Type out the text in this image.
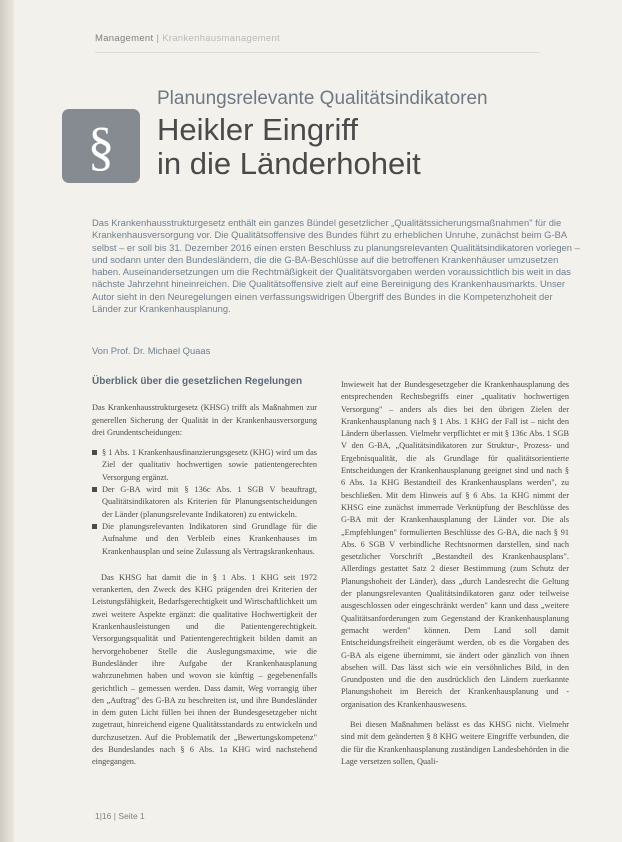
Management | Krankenhausmanagement
§
Planungsrelevante Qualitätsindikatoren
Heikler Eingriff
in die Länderhoheit

Das Krankenhausstrukturgesetz enthält ein ganzes Bündel gesetzlicher „Qualitätssicherungsmaßnahmen" für die Krankenhausversorgung vor. Die Qualitätsoffensive des Bundes führt zu erheblichen Unruhe, zunächst beim G-BA selbst – er soll bis 31. Dezember 2016 einen ersten Beschluss zu planungsrelevanten Qualitätsindikatoren vorlegen – und sodann unter den Bundesländern, die die G-BA-Beschlüsse auf die betroffenen Krankenhäuser umzusetzen haben. Auseinandersetzungen um die Rechtmäßigkeit der Qualitätsvorgaben werden voraussichtlich bis weit in das nächste Jahrzehnt hineinreichen. Die Qualitätsoffensive zielt auf eine Bereinigung des Krankenhausmarkts. Unser Autor sieht in den Neuregelungen einen verfassungswidrigen Übergriff des Bundes in die Kompetenzhoheit der Länder zur Krankenhausplanung.

Von Prof. Dr. Michael Quaas
Überblick über die gesetzlichen Regelungen

Das Krankenhausstrukturgesetz (KHSG) trifft als Maßnahmen zur generellen Sicherung der Qualität in der Krankenhausversorgung drei Grundentscheidungen:

§ 1 Abs. 1 Krankenhausfinanzierungsgesetz (KHG) wird um das Ziel der qualitativ hochwertigen sowie patientengerechten Versorgung ergänzt.
Der G-BA wird mit § 136c Abs. 1 SGB V beauftragt, Qualitätsindikatoren als Kriterien für Planungsentscheidungen der Länder (planungsrelevante Indikatoren) zu entwickeln.
Die planungsrelevanten Indikatoren sind Grundlage für die Aufnahme und den Verbleib eines Krankenhauses im Krankenhausplan und seine Zulassung als Vertragskrankenhaus.

Das KHSG hat damit die in § 1 Abs. 1 KHG seit 1972 verankerten, den Zweck des KHG prägenden drei Kriterien der Leistungsfähigkeit, Bedarfsgerechtigkeit und Wirtschaftlichkeit um zwei weitere Aspekte ergänzt: die qualitative Hochwertigkeit der Krankenhausleistungen und die Patientengerechtigkeit. Versorgungsqualität und Patientengerechtigkeit bilden damit an hervorgehobener Stelle die Auslegungsmaxime, wie die Bundesländer ihre Aufgabe der Krankenhausplanung wahrzunehmen haben und wovon sie künftig – gegebenenfalls gerichtlich – gemessen werden. Dass damit, Weg vorrangig über den „Auftrag" des G-BA zu beschreiten ist, und ihre Bundesländer in dem guten Licht füllen bei ihnen der Bundesgesetzgeber nicht zugetraut, hinreichend eigene Qualitätsstandards zu entwickeln und durchzusetzen. Auf die Problematik der „Bewertungskompetenz" des Bundeslandes nach § 6 Abs. 1a KHG wird nachstehend eingegangen.

Inwieweit hat der Bundesgesetzgeber die Krankenhausplanung des entsprechenden Rechtsbegriffs einer „qualitativ hochwertigen Versorgung" – anders als dies bei den übrigen Zielen der Krankenhausplanung nach § 1 Abs. 1 KHG der Fall ist – nicht den Ländern überlassen. Vielmehr verpflichtet er mit § 136c Abs. 1 SGB V den G-BA, „Qualitätsindikatoren zur Struktur-, Prozess- und Ergebnisqualität, die als Grundlage für qualitätsorientierte Entscheidungen der Krankenhausplanung geeignet sind und nach § 6 Abs. 1a KHG Bestandteil des Krankenhausplans werden", zu beschließen. Mit dem Hinweis auf § 6 Abs. 1a KHG nimmt der KHSG eine zunächst immerrade Verknüpfung der Beschlüsse des G-BA mit der Krankenhausplanung der Länder vor. Die als „Empfehlungen" formulierten Beschlüsse des G-BA, die nach § 91 Abs. 6 SGB V verbindliche Rechtsnormen darstellen, sind nach gesetzlicher Vorschrift „Bestandteil des Krankenhausplans". Allerdings gestattet Satz 2 dieser Bestimmung (zum Schutz der Planungshoheit der Länder), dass „durch Landesrecht die Geltung der planungsrelevanten Qualitätsindikatoren ganz oder teilweise ausgeschlossen oder eingeschränkt werden" kann und dass „weitere Qualitätsanforderungen zum Gegenstand der Krankenhausplanung gemacht werden" können. Dem Land soll damit Entscheidungsfreiheit eingeräumt werden, ob es die Vorgaben des G-BA als eigene übernimmt, sie ändert oder gänzlich von ihnen absehen will. Das lässt sich wie ein versöhnliches Bild, in den Grundposten und die den ausdrücklich den Ländern zuerkannte Planungshoheit im Bereich der Krankenhausplanung und -organisation des Krankenhauswesens.

Bei diesen Maßnahmen belässt es das KHSG nicht. Vielmehr sind mit dem geänderten § 8 KHG weitere Eingriffe verbunden, die die für die Krankenhausplanung zuständigen Landesbehörden in die Lage versetzen sollen, Quali-

1|16 | Seite 1
